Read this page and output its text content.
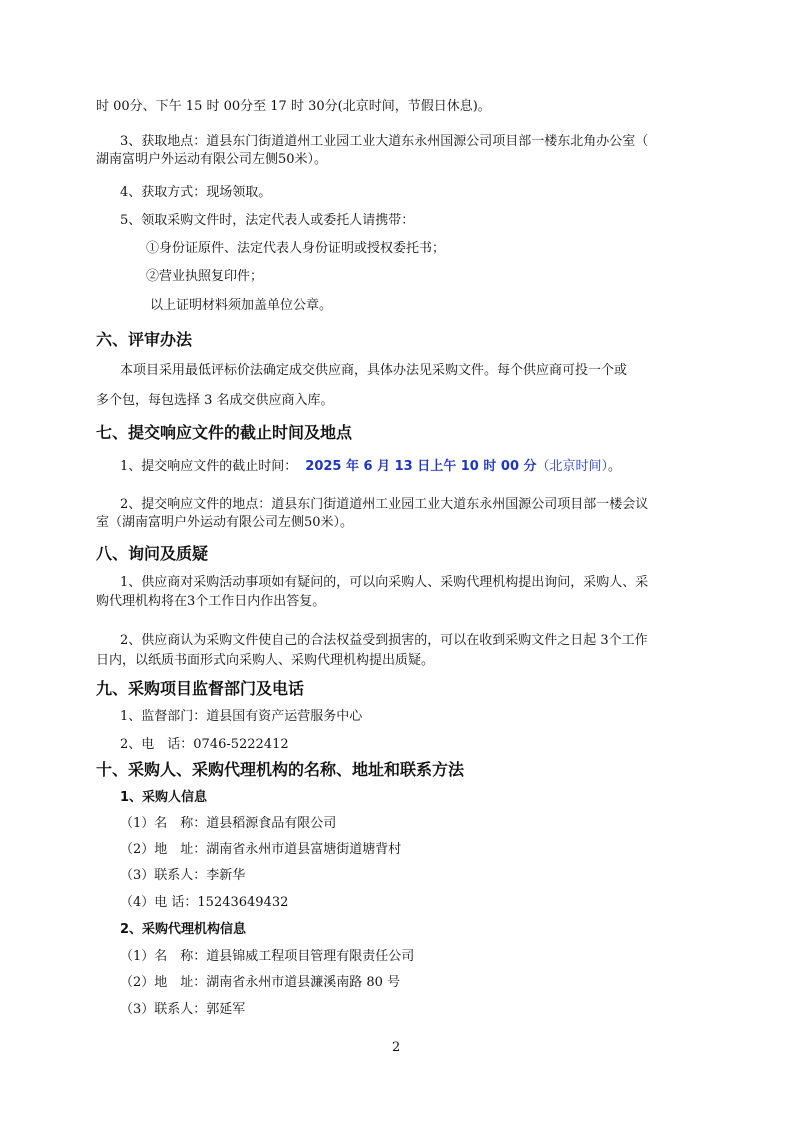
时 00分、下午 15 时 00分至 17 时 30分(北京时间，节假日休息)。
3、获取地点：道县东门街道道州工业园工业大道东永州国源公司项目部一楼东北角办公室（
湖南富明户外运动有限公司左侧50米）。
4、获取方式：现场领取。
5、领取采购文件时，法定代表人或委托人请携带：
①身份证原件、法定代表人身份证明或授权委托书；
②营业执照复印件；
以上证明材料须加盖单位公章。
六、评审办法
本项目采用最低评标价法确定成交供应商，具体办法见采购文件。每个供应商可投一个或
多个包，每包选择 3 名成交供应商入库。
七、提交响应文件的截止时间及地点
1、提交响应文件的截止时间： 2025 年 6 月 13 日上午 10 时 00 分（北京时间）。
2、提交响应文件的地点：道县东门街道道州工业园工业大道东永州国源公司项目部一楼会议
室（湖南富明户外运动有限公司左侧50米）。
八、询问及质疑
1、供应商对采购活动事项如有疑问的，可以向采购人、采购代理机构提出询问，采购人、采
购代理机构将在3个工作日内作出答复。
2、供应商认为采购文件使自己的合法权益受到损害的，可以在收到采购文件之日起 3个工作
日内，以纸质书面形式向采购人、采购代理机构提出质疑。
九、采购项目监督部门及电话
1、监督部门：道县国有资产运营服务中心
2、电　话：0746-5222412
十、采购人、采购代理机构的名称、地址和联系方法
1、采购人信息
（1）名　称：道县稻源食品有限公司
（2）地　址：湖南省永州市道县富塘街道塘背村
（3）联系人：李新华
（4）电 话：15243649432
2、采购代理机构信息
（1）名　称：道县锦威工程项目管理有限责任公司
（2）地　址：湖南省永州市道县濂溪南路 80 号
（3）联系人：郭延军
2
